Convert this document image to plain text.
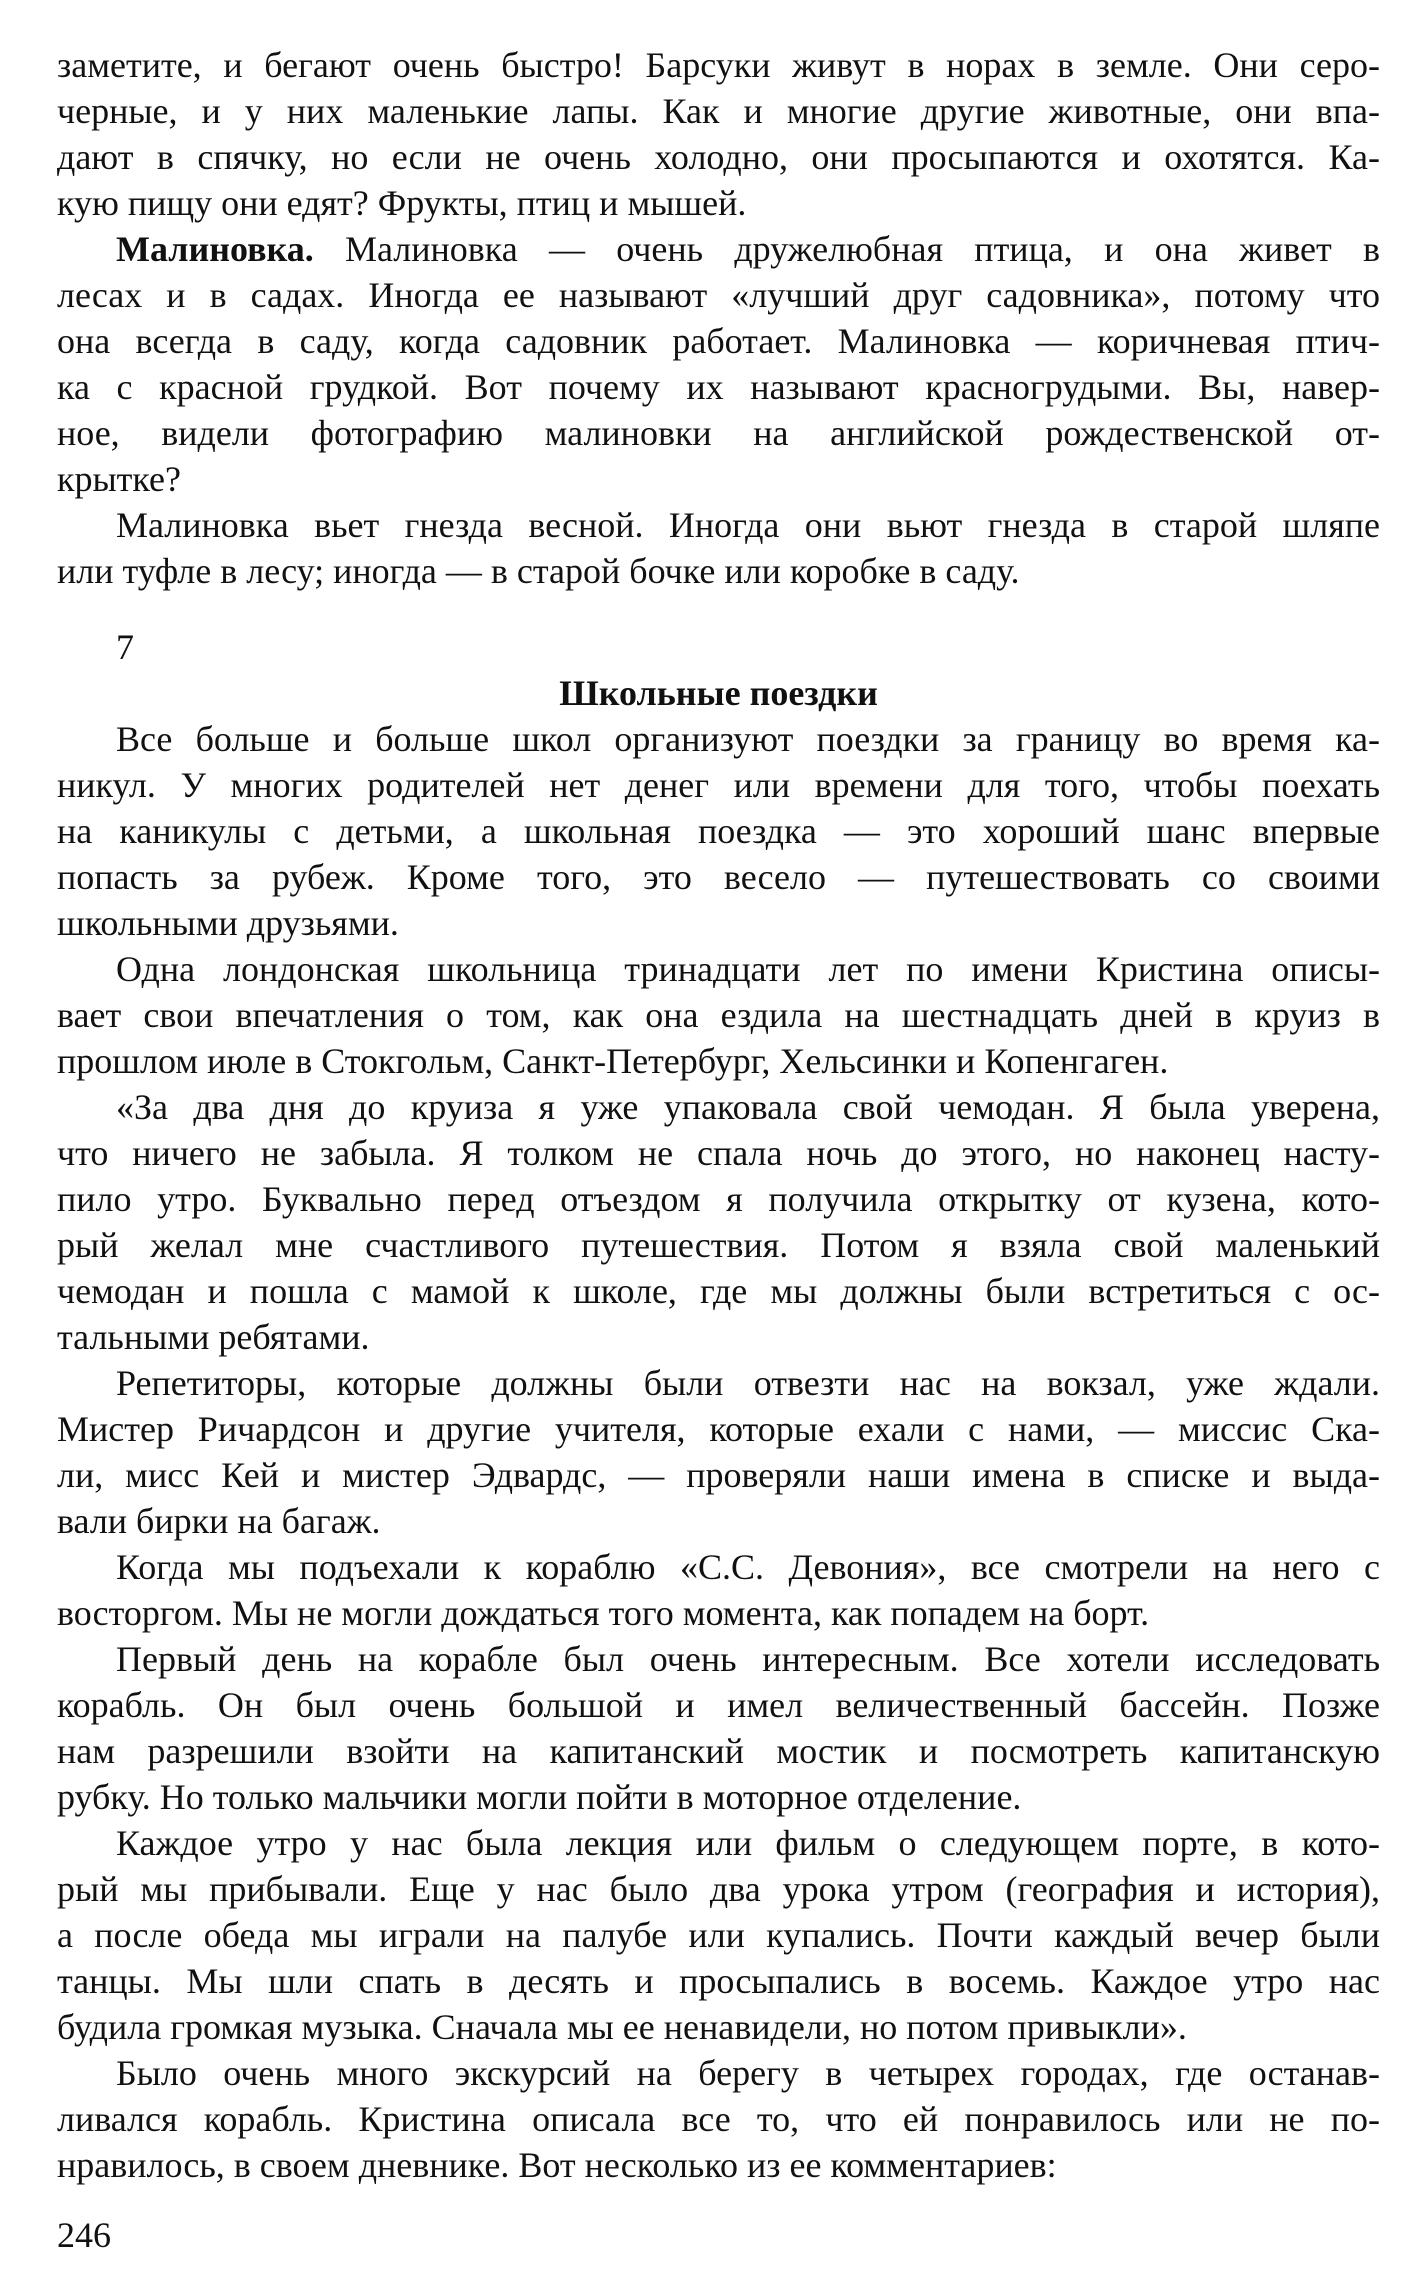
заметите, и бегают очень быстро! Барсуки живут в норах в земле. Они серо-
черные, и у них маленькие лапы. Как и многие другие животные, они впа-
дают в спячку, но если не очень холодно, они просыпаются и охотятся. Ка-
кую пищу они едят? Фрукты, птиц и мышей.
Малиновка. Малиновка — очень дружелюбная птица, и она живет в
лесах и в садах. Иногда ее называют «лучший друг садовника», потому что
она всегда в саду, когда садовник работает. Малиновка — коричневая птич-
ка с красной грудкой. Вот почему их называют красногрудыми. Вы, навер-
ное, видели фотографию малиновки на английской рождественской от-
крытке?
Малиновка вьет гнезда весной. Иногда они вьют гнезда в старой шляпе
или туфле в лесу; иногда — в старой бочке или коробке в саду.
7
Школьные поездки
Все больше и больше школ организуют поездки за границу во время ка-
никул. У многих родителей нет денег или времени для того, чтобы поехать
на каникулы с детьми, а школьная поездка — это хороший шанс впервые
попасть за рубеж. Кроме того, это весело — путешествовать со своими
школьными друзьями.
Одна лондонская школьница тринадцати лет по имени Кристина описы-
вает свои впечатления о том, как она ездила на шестнадцать дней в круиз в
прошлом июле в Стокгольм, Санкт-Петербург, Хельсинки и Копенгаген.
«За два дня до круиза я уже упаковала свой чемодан. Я была уверена,
что ничего не забыла. Я толком не спала ночь до этого, но наконец насту-
пило утро. Буквально перед отъездом я получила открытку от кузена, кото-
рый желал мне счастливого путешествия. Потом я взяла свой маленький
чемодан и пошла с мамой к школе, где мы должны были встретиться с ос-
тальными ребятами.
Репетиторы, которые должны были отвезти нас на вокзал, уже ждали.
Мистер Ричардсон и другие учителя, которые ехали с нами, — миссис Ска-
ли, мисс Кей и мистер Эдвардс, — проверяли наши имена в списке и выда-
вали бирки на багаж.
Когда мы подъехали к кораблю «С.С. Девония», все смотрели на него с
восторгом. Мы не могли дождаться того момента, как попадем на борт.
Первый день на корабле был очень интересным. Все хотели исследовать
корабль. Он был очень большой и имел величественный бассейн. Позже
нам разрешили взойти на капитанский мостик и посмотреть капитанскую
рубку. Но только мальчики могли пойти в моторное отделение.
Каждое утро у нас была лекция или фильм о следующем порте, в кото-
рый мы прибывали. Еще у нас было два урока утром (география и история),
а после обеда мы играли на палубе или купались. Почти каждый вечер были
танцы. Мы шли спать в десять и просыпались в восемь. Каждое утро нас
будила громкая музыка. Сначала мы ее ненавидели, но потом привыкли».
Было очень много экскурсий на берегу в четырех городах, где останав-
ливался корабль. Кристина описала все то, что ей понравилось или не по-
нравилось, в своем дневнике. Вот несколько из ее комментариев:
246
